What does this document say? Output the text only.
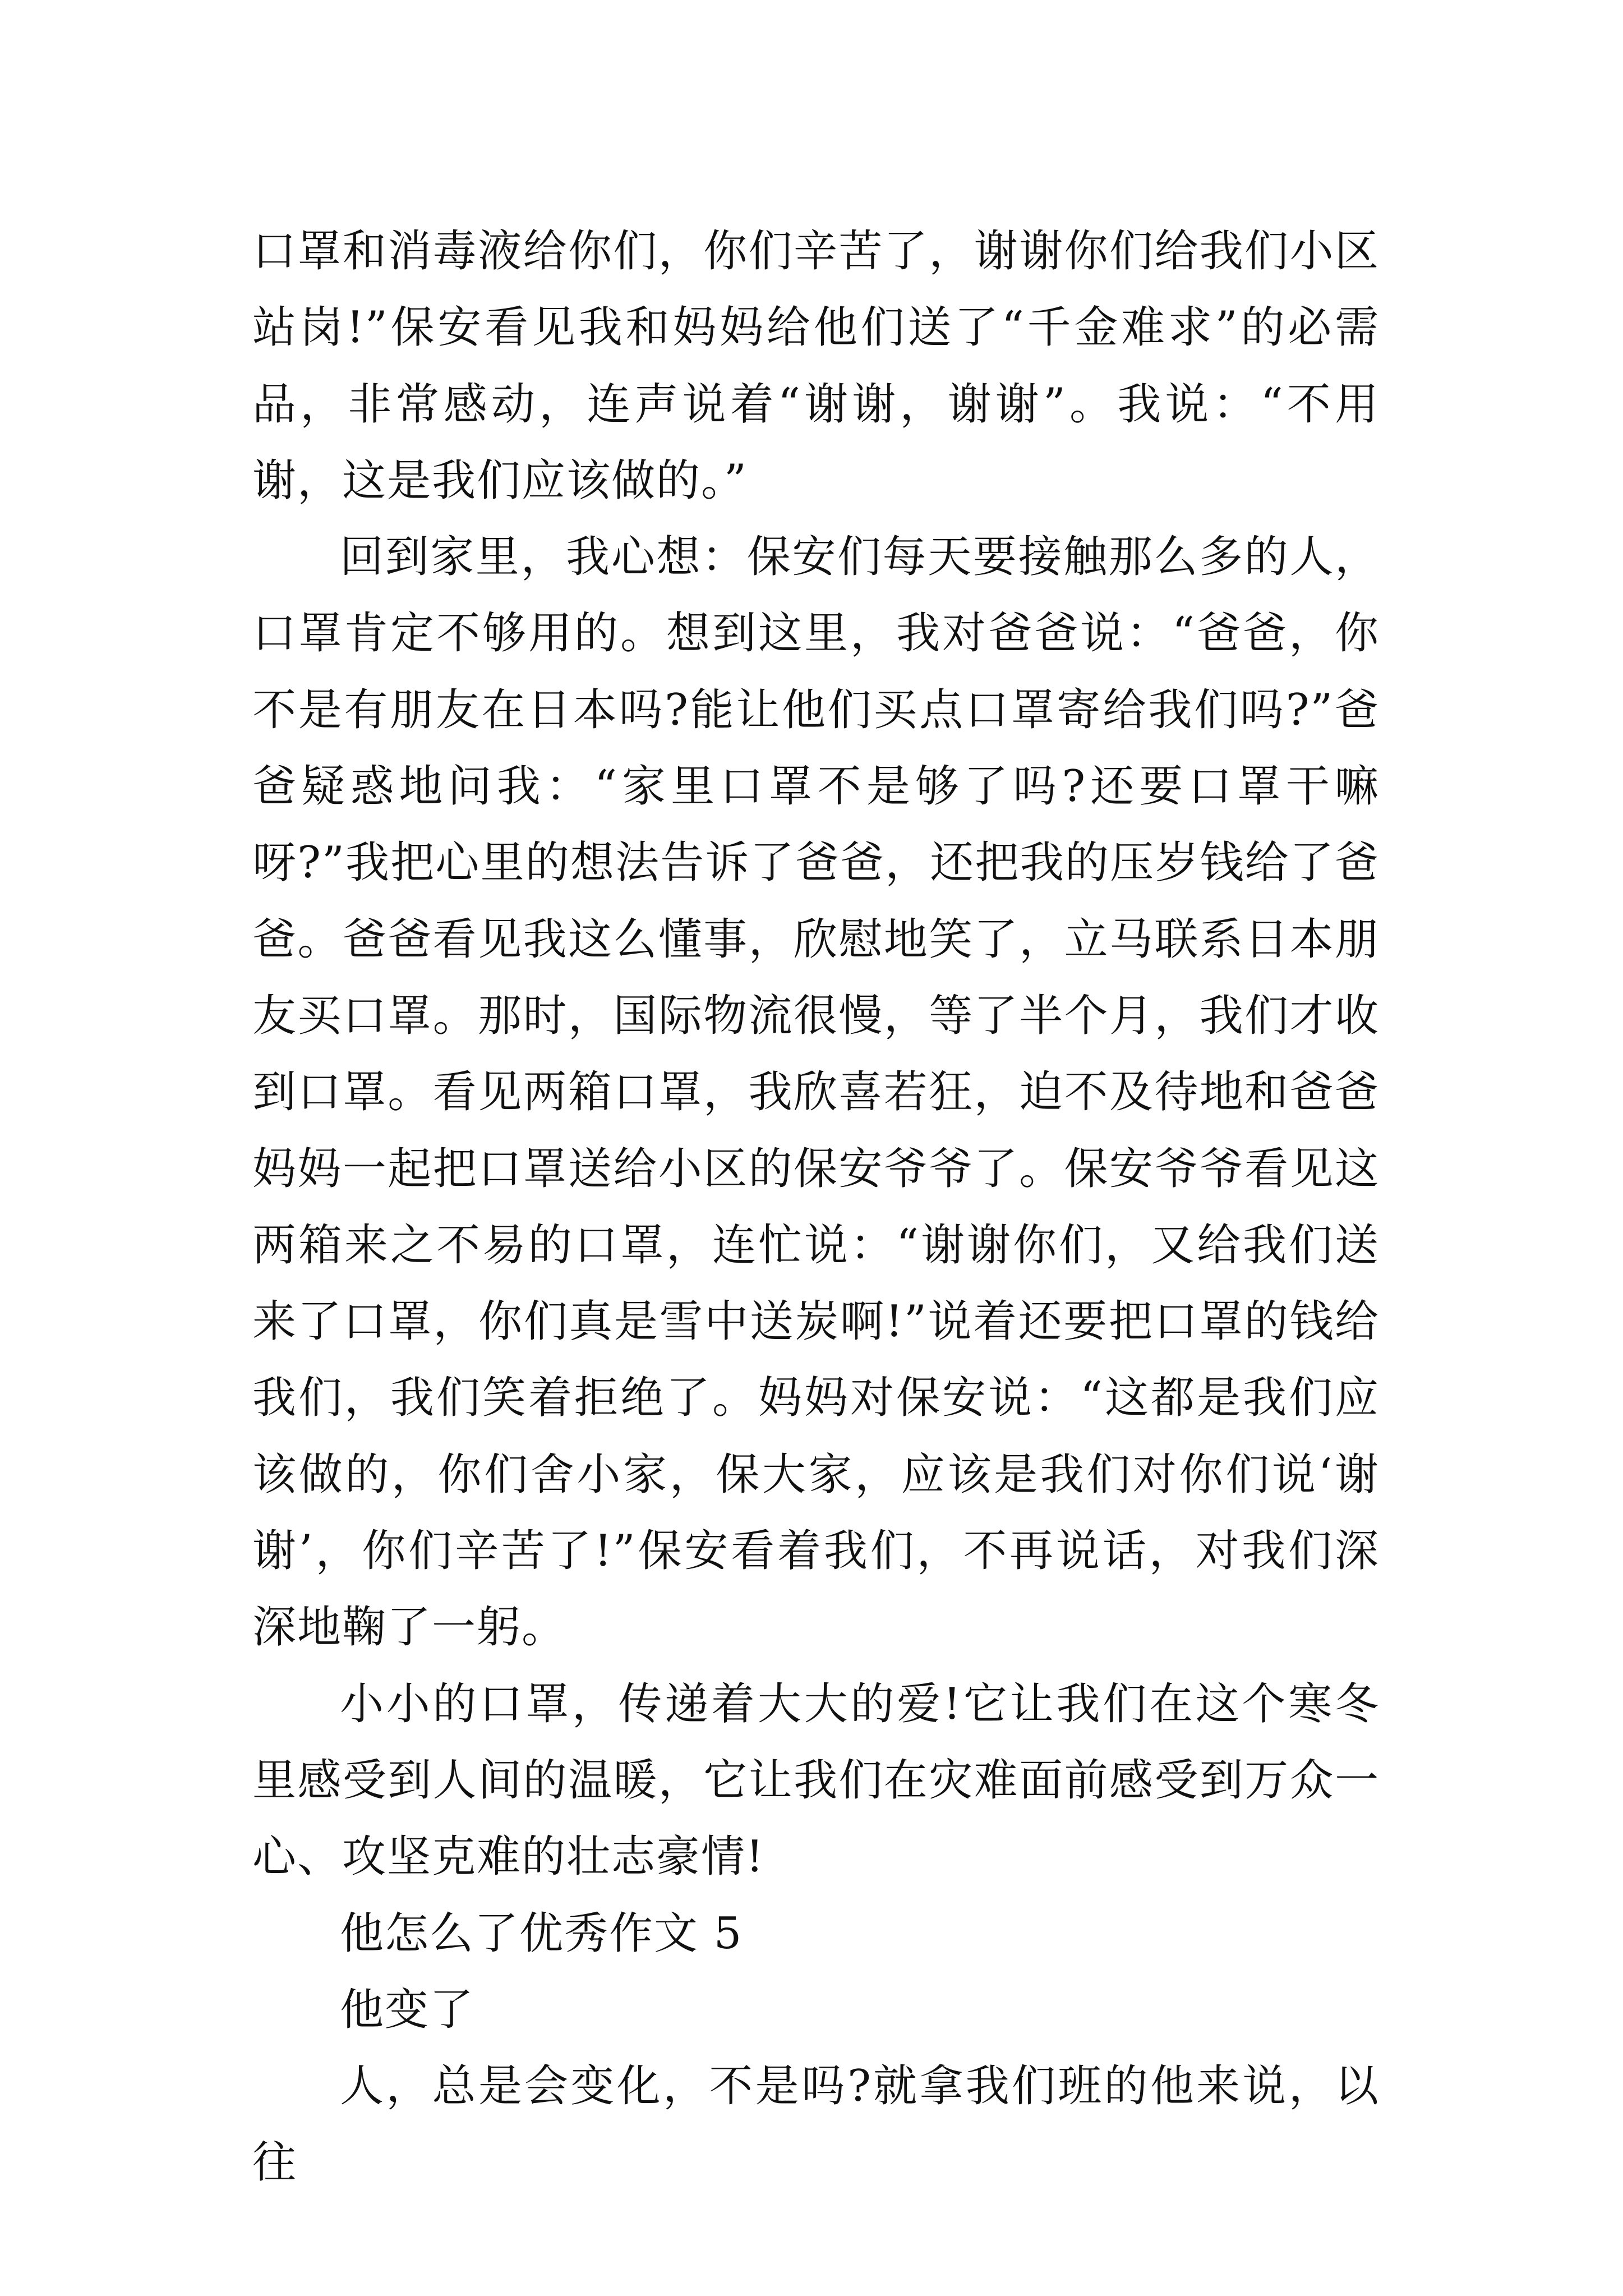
口罩和消毒液给你们，你们辛苦了，谢谢你们给我们小区站岗!”保安看见我和妈妈给他们送了“千金难求”的必需品，非常感动，连声说着“谢谢，谢谢”。我说：“不用谢，这是我们应该做的。”

回到家里，我心想：保安们每天要接触那么多的人，口罩肯定不够用的。想到这里，我对爸爸说：“爸爸，你不是有朋友在日本吗?能让他们买点口罩寄给我们吗?”爸爸疑惑地问我：“家里口罩不是够了吗?还要口罩干嘛呀?”我把心里的想法告诉了爸爸，还把我的压岁钱给了爸爸。爸爸看见我这么懂事，欣慰地笑了，立马联系日本朋友买口罩。那时，国际物流很慢，等了半个月，我们才收到口罩。看见两箱口罩，我欣喜若狂，迫不及待地和爸爸妈妈一起把口罩送给小区的保安爷爷了。保安爷爷看见这两箱来之不易的口罩，连忙说：“谢谢你们，又给我们送来了口罩，你们真是雪中送炭啊!”说着还要把口罩的钱给我们，我们笑着拒绝了。妈妈对保安说：“这都是我们应该做的，你们舍小家，保大家，应该是我们对你们说‘谢谢’，你们辛苦了!”保安看着我们，不再说话，对我们深深地鞠了一躬。

小小的口罩，传递着大大的爱!它让我们在这个寒冬里感受到人间的温暖，它让我们在灾难面前感受到万众一心、攻坚克难的壮志豪情!

他怎么了优秀作文 5

他变了

人，总是会变化，不是吗?就拿我们班的他来说，以往
